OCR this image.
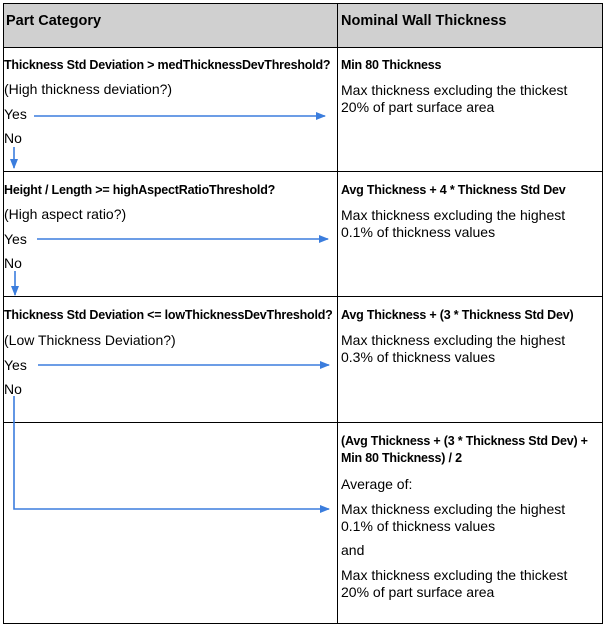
Part Category	Nominal Wall Thickness
Thickness Std Deviation > medThicknessDevThreshold?
(High thickness deviation?)
Yes
No
Min 80 Thickness
Max thickness excluding the thickest 20% of part surface area
Height / Length >= highAspectRatioThreshold?
(High aspect ratio?)
Yes
No
Avg Thickness + 4 * Thickness Std Dev
Max thickness excluding the highest 0.1% of thickness values
Thickness Std Deviation <= lowThicknessDevThreshold?
(Low Thickness Deviation?)
Yes
No
Avg Thickness + (3 * Thickness Std Dev)
Max thickness excluding the highest 0.3% of thickness values
(Avg Thickness + (3 * Thickness Std Dev) + Min 80 Thickness) / 2
Average of:
Max thickness excluding the highest 0.1% of thickness values
and
Max thickness excluding the thickest 20% of part surface area
